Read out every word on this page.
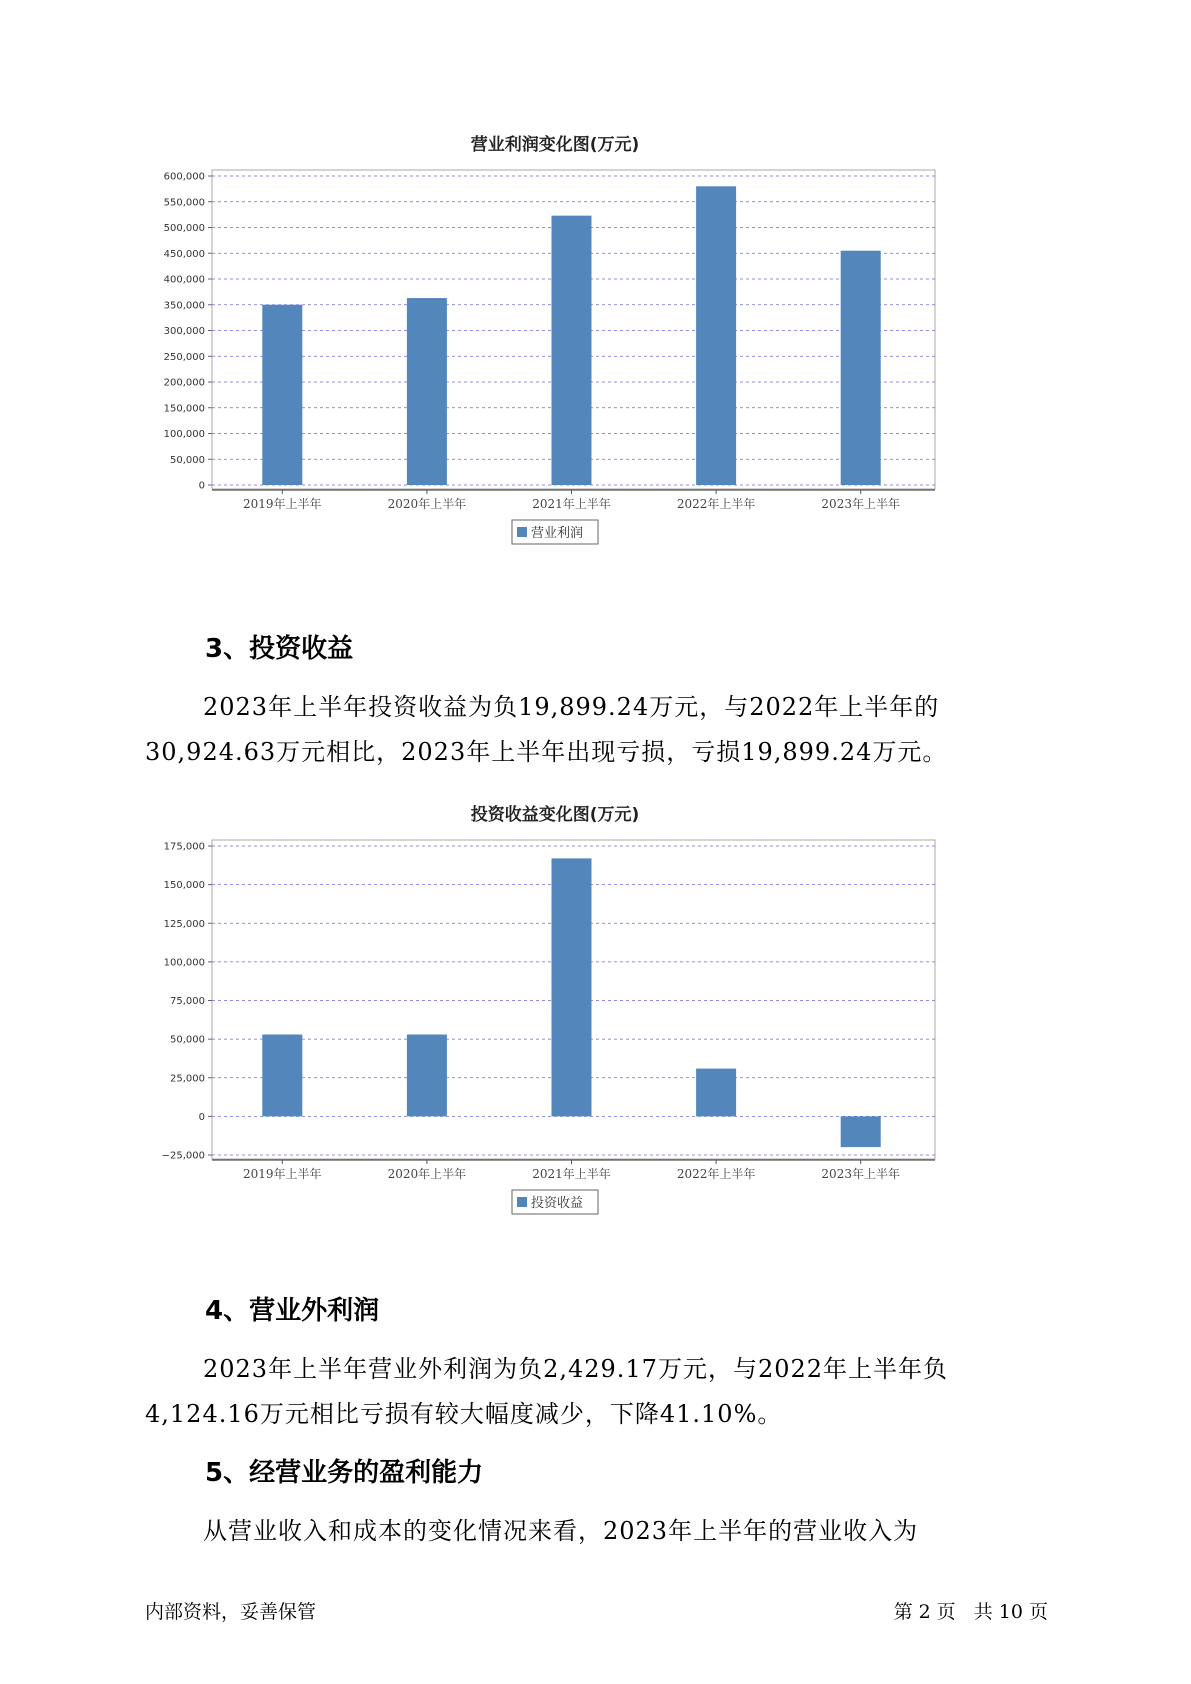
营业利润变化图(万元)
0
50,000
100,000
150,000
200,000
250,000
300,000
350,000
400,000
450,000
500,000
550,000
600,000
2019年上半年	2020年上半年	2021年上半年	2022年上半年	2023年上半年
营业利润
3、投资收益

2023年上半年投资收益为负19,899.24万元，与2022年上半年的30,924.63万元相比，2023年上半年出现亏损，亏损19,899.24万元。

投资收益变化图(万元)
−25,000
0
25,000
50,000
75,000
100,000
125,000
150,000
175,000
2019年上半年	2020年上半年	2021年上半年	2022年上半年	2023年上半年
投资收益
4、营业外利润

2023年上半年营业外利润为负2,429.17万元，与2022年上半年负4,124.16万元相比亏损有较大幅度减少，下降41.10%。

5、经营业务的盈利能力

从营业收入和成本的变化情况来看，2023年上半年的营业收入为

内部资料，妥善保管	第 2 页 共 10 页
